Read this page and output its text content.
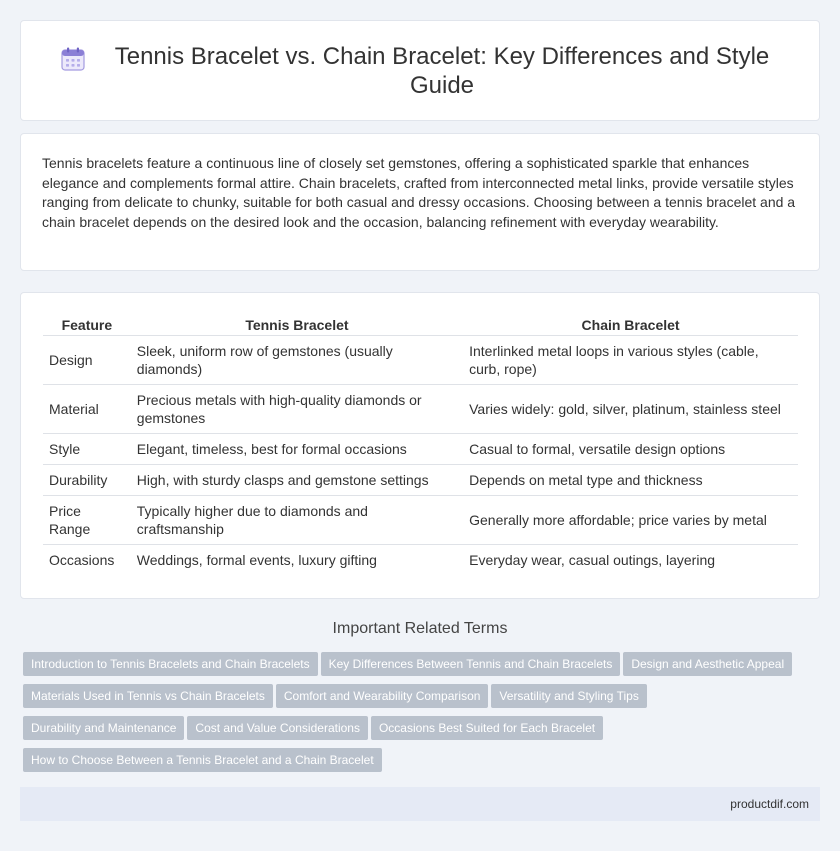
Tennis Bracelet vs. Chain Bracelet: Key Differences and Style Guide

Tennis bracelets feature a continuous line of closely set gemstones, offering a sophisticated sparkle that enhances elegance and complements formal attire. Chain bracelets, crafted from interconnected metal links, provide versatile styles ranging from delicate to chunky, suitable for both casual and dressy occasions. Choosing between a tennis bracelet and a chain bracelet depends on the desired look and the occasion, balancing refinement with everyday wearability.

Feature	Tennis Bracelet	Chain Bracelet
Design	Sleek, uniform row of gemstones (usually diamonds)	Interlinked metal loops in various styles (cable, curb, rope)
Material	Precious metals with high-quality diamonds or gemstones	Varies widely: gold, silver, platinum, stainless steel
Style	Elegant, timeless, best for formal occasions	Casual to formal, versatile design options
Durability	High, with sturdy clasps and gemstone settings	Depends on metal type and thickness
Price Range	Typically higher due to diamonds and craftsmanship	Generally more affordable; price varies by metal
Occasions	Weddings, formal events, luxury gifting	Everyday wear, casual outings, layering
Important Related Terms
Introduction to Tennis Bracelets and Chain Bracelets Key Differences Between Tennis and Chain Bracelets Design and Aesthetic Appeal
Materials Used in Tennis vs Chain Bracelets Comfort and Wearability Comparison Versatility and Styling Tips
Durability and Maintenance Cost and Value Considerations Occasions Best Suited for Each Bracelet
How to Choose Between a Tennis Bracelet and a Chain Bracelet
productdif.com
